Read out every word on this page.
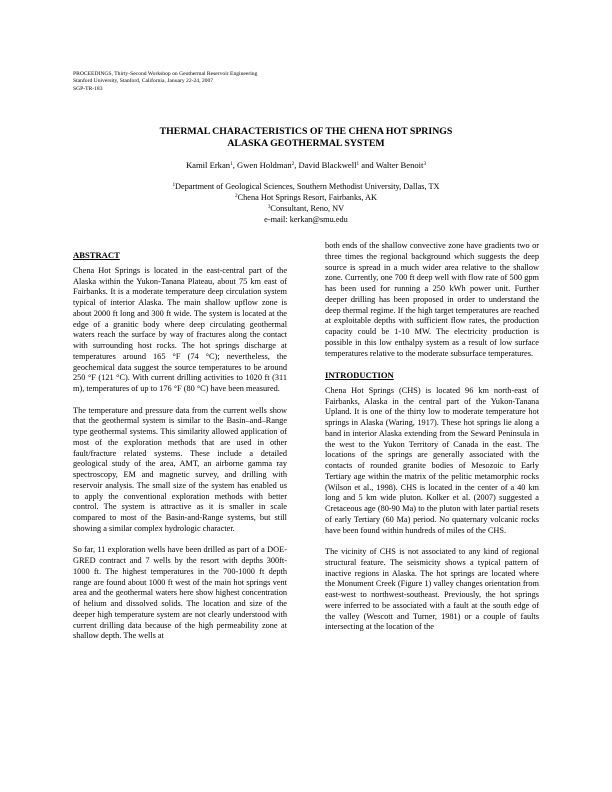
PROCEEDINGS, Thirty-Second Workshop on Geothermal Reservoir Engineering
Stanford University, Stanford, California, January 22-24, 2007
SGP-TR-183
THERMAL CHARACTERISTICS OF THE CHENA HOT SPRINGS
ALASKA GEOTHERMAL SYSTEM
Kamil Erkan$^1$, Gwen Holdman$^2$, David Blackwell$^1$ and Walter Benoit$^3$
$^1$Department of Geological Sciences, Southern Methodist University, Dallas, TX
$^2$Chena Hot Springs Resort, Fairbanks, AK
$^3$Consultant, Reno, NV
e-mail: kerkan@smu.edu
ABSTRACT

Chena Hot Springs is located in the east-central part of the Alaska within the Yukon-Tanana Plateau, about 75 km east of Fairbanks. It is a moderate temperature deep circulation system typical of interior Alaska. The main shallow upflow zone is about 2000 ft long and 300 ft wide. The system is located at the edge of a granitic body where deep circulating geothermal waters reach the surface by way of fractures along the contact with surrounding host rocks. The hot springs discharge at temperatures around 165 °F (74 °C); nevertheless, the geochemical data suggest the source temperatures to be around 250 °F (121 °C). With current drilling activities to 1020 ft (311 m), temperatures of up to 176 °F (80 °C) have been measured.

The temperature and pressure data from the current wells show that the geothermal system is similar to the Basin–and–Range type geothermal systems. This similarity allowed application of most of the exploration methods that are used in other fault/fracture related systems. These include a detailed geological study of the area, AMT, an airborne gamma ray spectroscopy, EM and magnetic survey, and drilling with reservoir analysis. The small size of the system has enabled us to apply the conventional exploration methods with better control. The system is attractive as it is smaller in scale compared to most of the Basin-and-Range systems, but still showing a similar complex hydrologic character.

So far, 11 exploration wells have been drilled as part of a DOE-GRED contract and 7 wells by the resort with depths 300ft-1000 ft. The highest temperatures in the 700-1000 ft depth range are found about 1000 ft west of the main hot springs vent area and the geothermal waters here show highest concentration of helium and dissolved solids. The location and size of the deeper high temperature system are not clearly understood with current drilling data because of the high permeability zone at shallow depth. The wells at

both ends of the shallow convective zone have gradients two or three times the regional background which suggests the deep source is spread in a much wider area relative to the shallow zone. Currently, one 700 ft deep well with flow rate of 500 gpm has been used for running a 250 kWh power unit. Further deeper drilling has been proposed in order to understand the deep thermal regime. If the high target temperatures are reached at exploitable depths with sufficient flow rates, the production capacity could be 1-10 MW. The electricity production is possible in this low enthalpy system as a result of low surface temperatures relative to the moderate subsurface temperatures.

INTRODUCTION

Chena Hot Springs (CHS) is located 96 km north-east of Fairbanks, Alaska in the central part of the Yukon-Tanana Upland. It is one of the thirty low to moderate temperature hot springs in Alaska (Waring, 1917). These hot springs lie along a band in interior Alaska extending from the Seward Peninsula in the west to the Yukon Territory of Canada in the east. The locations of the springs are generally associated with the contacts of rounded granite bodies of Mesozoic to Early Tertiary age within the matrix of the pelitic metamorphic rocks (Wilson et al., 1998). CHS is located in the center of a 40 km long and 5 km wide pluton. Kolker et al. (2007) suggested a Cretaceous age (80-90 Ma) to the pluton with later partial resets of early Tertiary (60 Ma) period. No quaternary volcanic rocks have been found within hundreds of miles of the CHS.

The vicinity of CHS is not associated to any kind of regional structural feature. The seismicity shows a typical pattern of inactive regions in Alaska. The hot springs are located where the Monument Creek (Figure 1) valley changes orientation from east-west to northwest-southeast. Previously, the hot springs were inferred to be associated with a fault at the south edge of the valley (Wescott and Turner, 1981) or a couple of faults intersecting at the location of the
